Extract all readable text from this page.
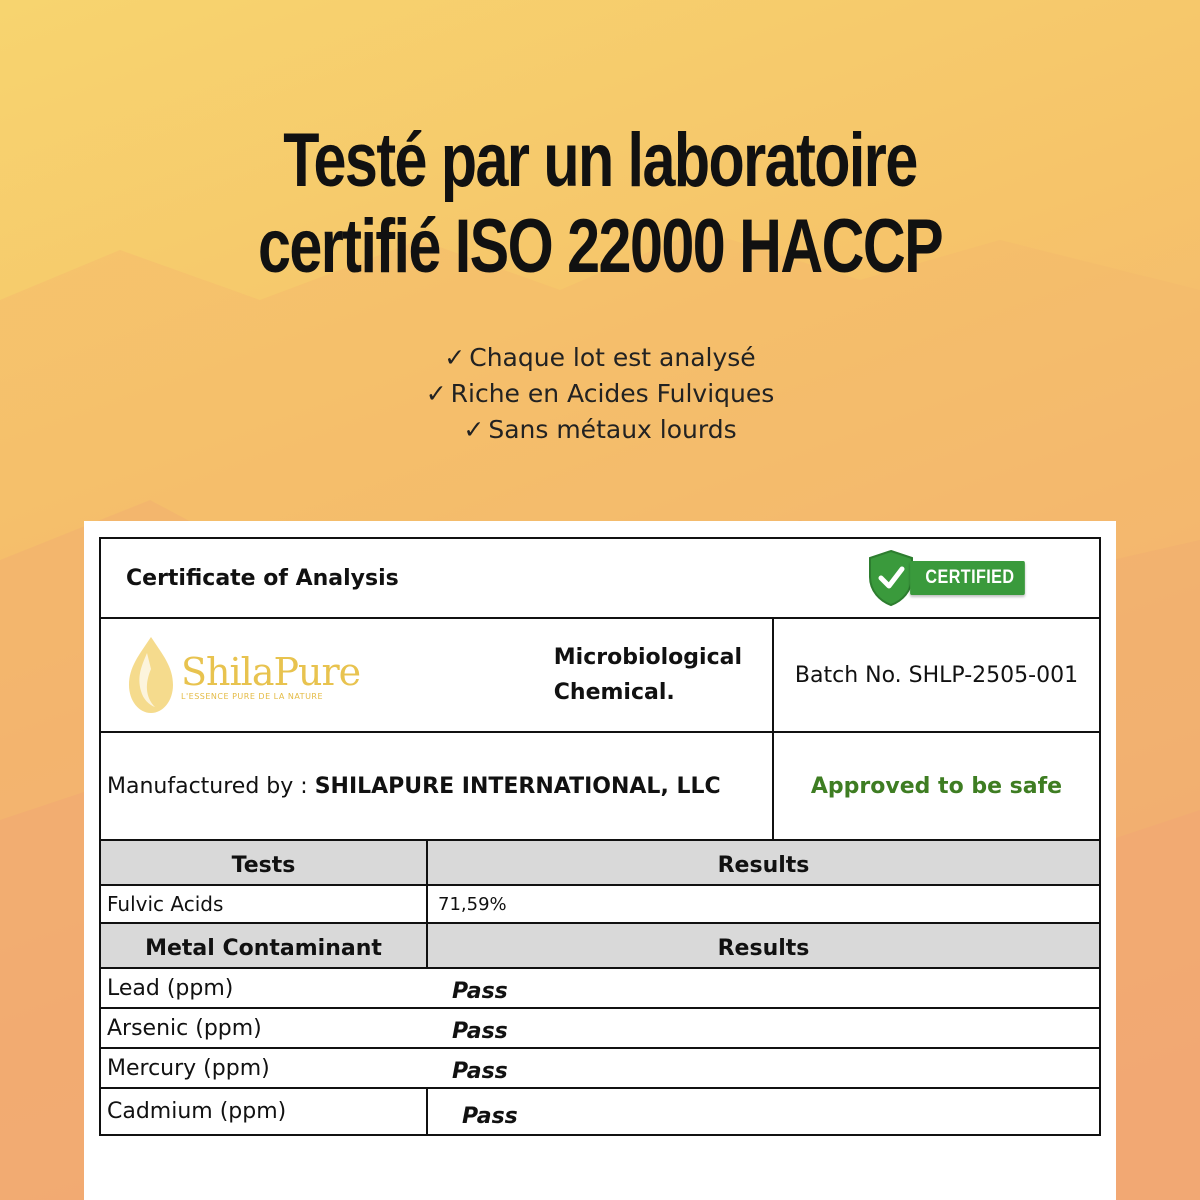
Testé par un laboratoire
certifié ISO 22000 HACCP
✓ Chaque lot est analysé
✓ Riche en Acides Fulviques
✓ Sans métaux lourds
Certificate of Analysis	CERTIFIED
ShilaPure
L'ESSENCE PURE DE LA NATURE
Microbiological
Chemical.
Batch No. SHLP-2505-001
Manufactured by : SHILAPURE INTERNATIONAL, LLC	Approved to be safe
Tests	Results
Fulvic Acids	71,59%
Metal Contaminant	Results
Lead (ppm)	Pass
Arsenic (ppm)	Pass
Mercury (ppm)	Pass
Cadmium (ppm)	Pass
